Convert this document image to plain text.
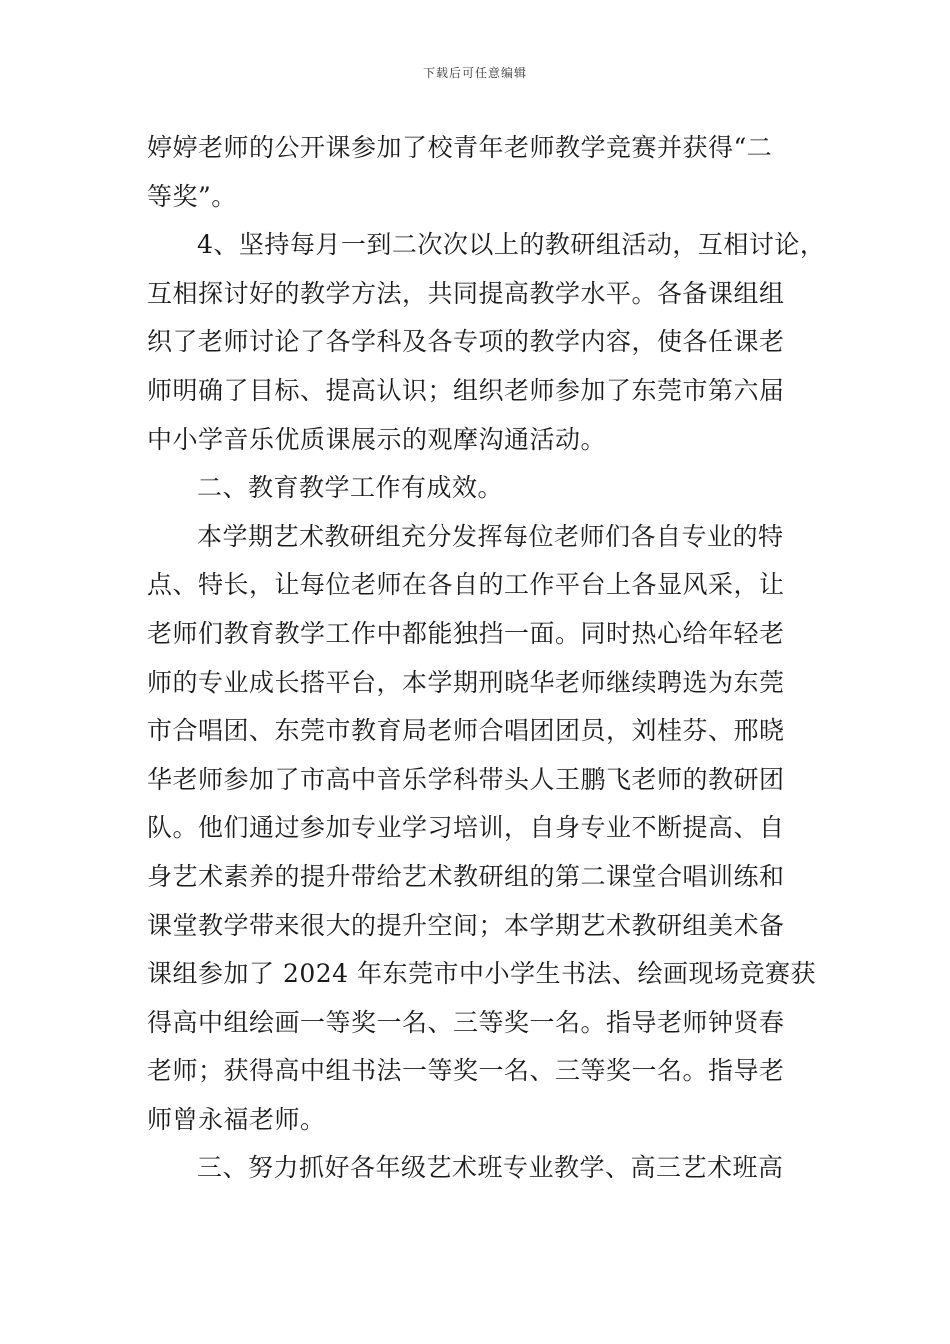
下载后可任意编辑
婷婷老师的公开课参加了校青年老师教学竞赛并获得“二
等奖”。
4、坚持每月一到二次次以上的教研组活动，互相讨论，
互相探讨好的教学方法，共同提高教学水平。各备课组组
织了老师讨论了各学科及各专项的教学内容，使各任课老
师明确了目标、提高认识；组织老师参加了东莞市第六届
中小学音乐优质课展示的观摩沟通活动。
二、教育教学工作有成效。
本学期艺术教研组充分发挥每位老师们各自专业的特
点、特长，让每位老师在各自的工作平台上各显风采，让
老师们教育教学工作中都能独挡一面。同时热心给年轻老
师的专业成长搭平台，本学期刑晓华老师继续聘选为东莞
市合唱团、东莞市教育局老师合唱团团员，刘桂芬、邢晓
华老师参加了市高中音乐学科带头人王鹏飞老师的教研团
队。他们通过参加专业学习培训，自身专业不断提高、自
身艺术素养的提升带给艺术教研组的第二课堂合唱训练和
课堂教学带来很大的提升空间；本学期艺术教研组美术备
课组参加了 2024 年东莞市中小学生书法、绘画现场竞赛获
得高中组绘画一等奖一名、三等奖一名。指导老师钟贤春
老师；获得高中组书法一等奖一名、三等奖一名。指导老
师曾永福老师。
三、努力抓好各年级艺术班专业教学、高三艺术班高
